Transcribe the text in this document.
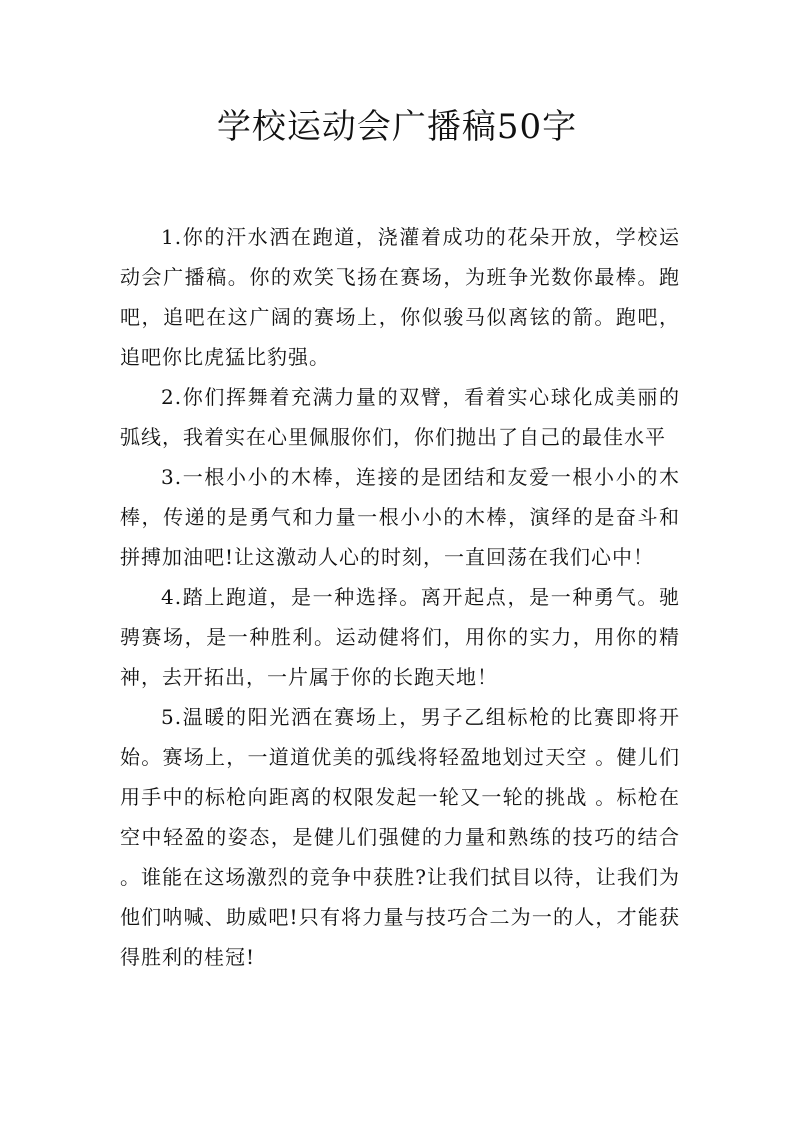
学校运动会广播稿50字

1.你的汗水洒在跑道，浇灌着成功的花朵开放，学校运动会广播稿。你的欢笑飞扬在赛场，为班争光数你最棒。跑吧，追吧在这广阔的赛场上，你似骏马似离铉的箭。跑吧，追吧你比虎猛比豹强。

2.你们挥舞着充满力量的双臂，看着实心球化成美丽的弧线，我着实在心里佩服你们，你们抛出了自己的最佳水平

3.一根小小的木棒，连接的是团结和友爱一根小小的木棒，传递的是勇气和力量一根小小的木棒，演绎的是奋斗和拼搏加油吧!让这激动人心的时刻，一直回荡在我们心中！

4.踏上跑道，是一种选择。离开起点，是一种勇气。驰骋赛场，是一种胜利。运动健将们，用你的实力，用你的精神，去开拓出，一片属于你的长跑天地！

5.温暖的阳光洒在赛场上，男子乙组标枪的比赛即将开始。赛场上，一道道优美的弧线将轻盈地划过天空 。健儿们用手中的标枪向距离的权限发起一轮又一轮的挑战 。标枪在空中轻盈的姿态，是健儿们强健的力量和熟练的技巧的结合 。谁能在这场激烈的竞争中获胜?让我们拭目以待，让我们为他们呐喊、助威吧!只有将力量与技巧合二为一的人，才能获得胜利的桂冠!
